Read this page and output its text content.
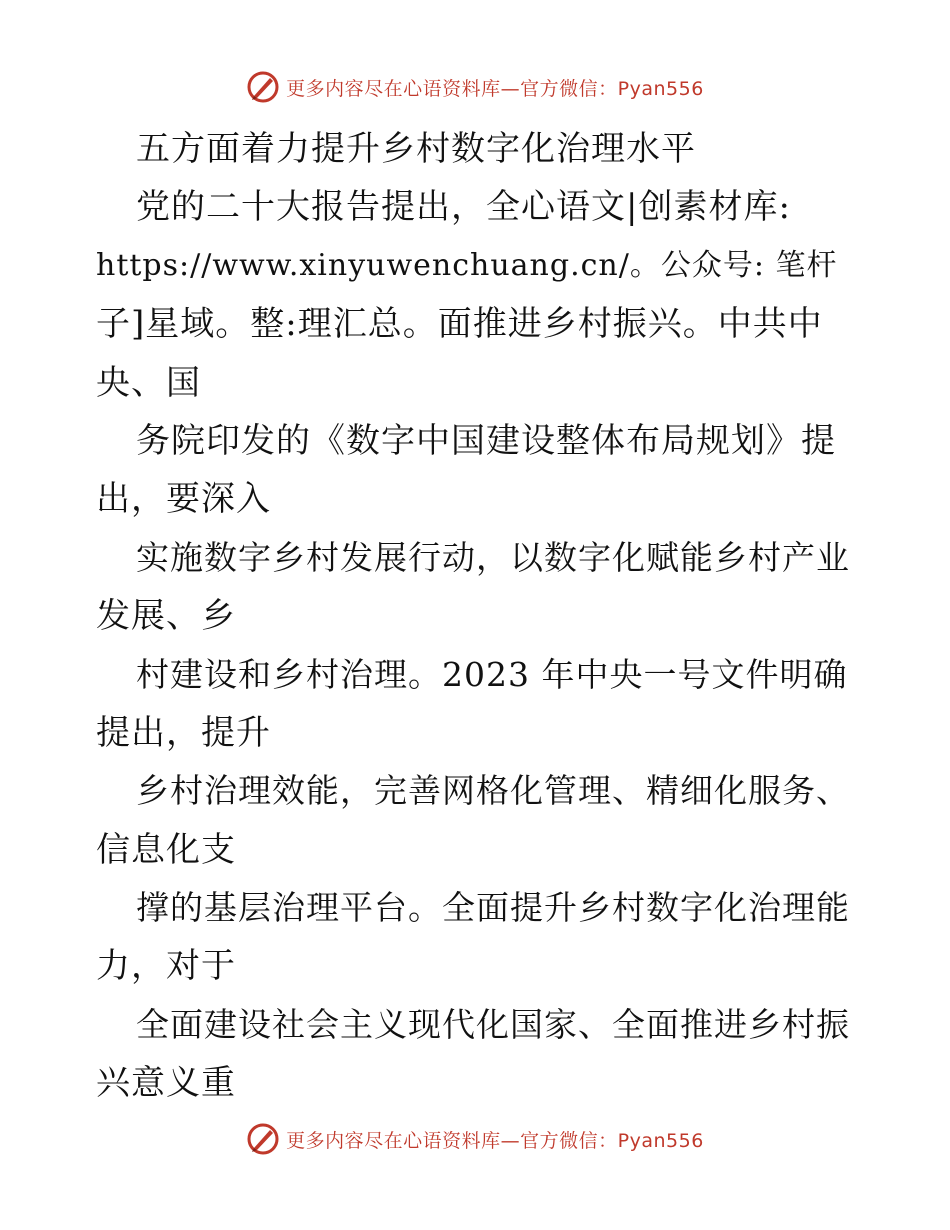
更多内容尽在心语资料库—官方微信：Pyan556
五方面着力提升乡村数字化治理水平
党的二十大报告提出，全心语文|创素材库:
https://www.xinyuwenchuang.cn/。公众号: 笔杆
子]星域。整:理汇总。面推进乡村振兴。中共中
央、国
务院印发的《数字中国建设整体布局规划》提
出，要深入
实施数字乡村发展行动，以数字化赋能乡村产业
发展、乡
村建设和乡村治理。2023 年中央一号文件明确
提出，提升
乡村治理效能，完善网格化管理、精细化服务、
信息化支
撑的基层治理平台。全面提升乡村数字化治理能
力，对于
全面建设社会主义现代化国家、全面推进乡村振
兴意义重
更多内容尽在心语资料库—官方微信：Pyan556
